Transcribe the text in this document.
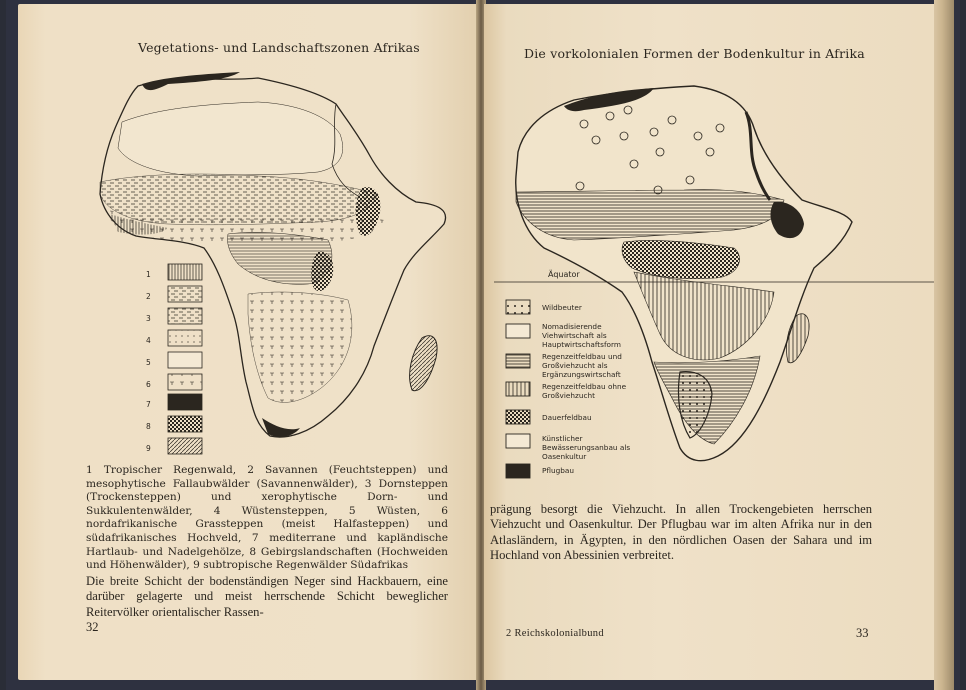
Vegetations- und Landschaftszonen Afrikas
1
2
3
4
5
6
7
8
9
1 Tropischer Regenwald, 2 Savannen (Feuchtsteppen) und mesophytische Fallaubwälder (Savannenwälder), 3 Dornsteppen (Trockensteppen) und xerophytische Dorn- und Sukkulentenwälder, 4 Wüstensteppen, 5 Wüsten, 6 nordafrikanische Grassteppen (meist Halfasteppen) und südafrikanisches Hochveld, 7 mediterrane und kapländische Hartlaub- und Nadelgehölze, 8 Gebirgslandschaften (Hochweiden und Höhenwälder), 9 subtropische Regenwälder Südafrikas
Die breite Schicht der bodenständigen Neger sind Hackbauern, eine darüber gelagerte und meist herrschende Schicht beweglicher Reitervölker orientalischer Rassen-
32
Die vorkolonialen Formen der Bodenkultur in Afrika
Äquator
Wildbeuter
Nomadisierende Viehwirtschaft als Hauptwirtschaftsform
Regenzeitfeldbau und Großviehzucht als Ergänzungswirtschaft
Regenzeitfeldbau ohne Großviehzucht
Dauerfeldbau
Künstlicher Bewässerungsanbau als Oasenkultur
Pflugbau
prägung besorgt die Viehzucht. In allen Trockengebieten herrschen Viehzucht und Oasenkultur. Der Pflugbau war im alten Afrika nur in den Atlasländern, in Ägypten, in den nördlichen Oasen der Sahara und im Hochland von Abessinien verbreitet.
2 Reichskolonialbund	33
